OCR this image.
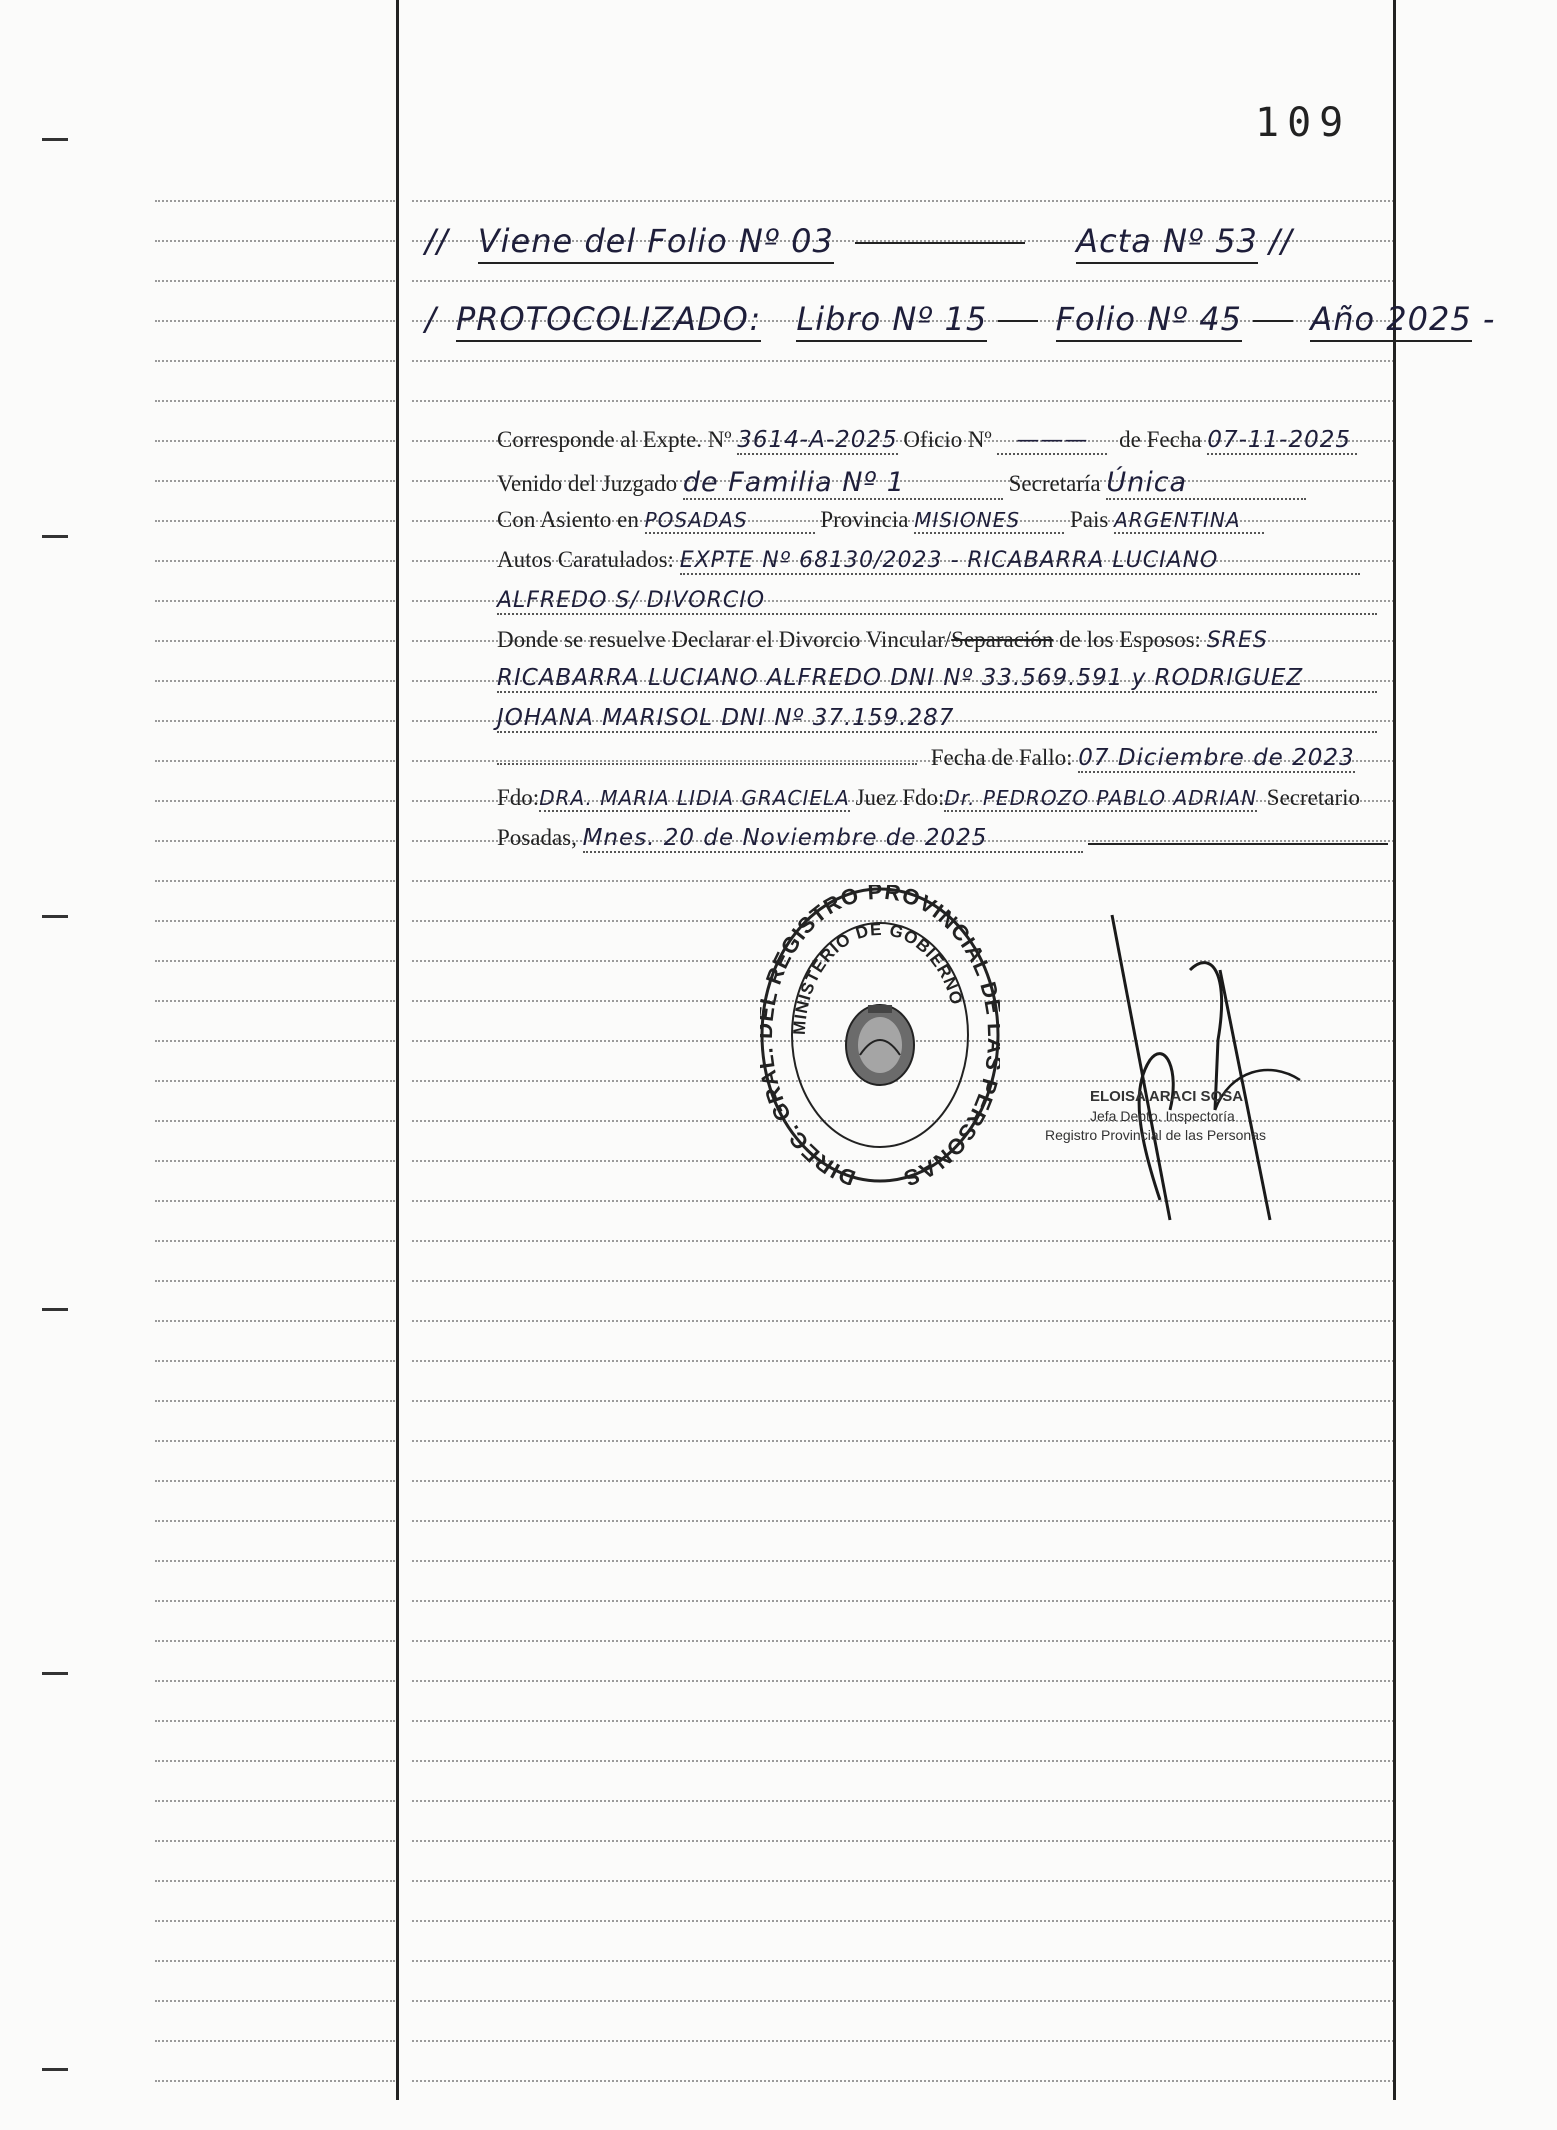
109
// Viene del Folio Nº 03	Acta Nº 53 //
/ PROTOCOLIZADO: Libro Nº 15 Folio Nº 45 Año 2025 -
Corresponde al Expte. Nº 3614-A-2025 Oficio Nº ——— de Fecha 07-11-2025
Venido del Juzgado de Familia Nº 1	Secretaría Única
Con Asiento en POSADAS	Provincia MISIONES Pais ARGENTINA
Autos Caratulados: EXPTE Nº 68130/2023 - RICABARRA LUCIANO
ALFREDO S/ DIVORCIO
Donde se resuelve Declarar el Divorcio Vincular/Separación de los Esposos: SRES
RICABARRA LUCIANO ALFREDO DNI Nº 33.569.591 y RODRIGUEZ
JOHANA MARISOL DNI Nº 37.159.287
Fecha de Fallo: 07 Diciembre de 2023
Fdo:DRA. MARIA LIDIA GRACIELA Juez Fdo:Dr. PEDROZO PABLO ADRIAN Secretario
Posadas, Mnes. 20 de Noviembre de 2025
DIREC. GR REGISTRO PROVINCIAL PERSONAS
MINISTERIO DE GOBIERNO
ELOISA ARACI SOSA
Jefa Depto. Inspectoría
Registro Provincial de las Personas
